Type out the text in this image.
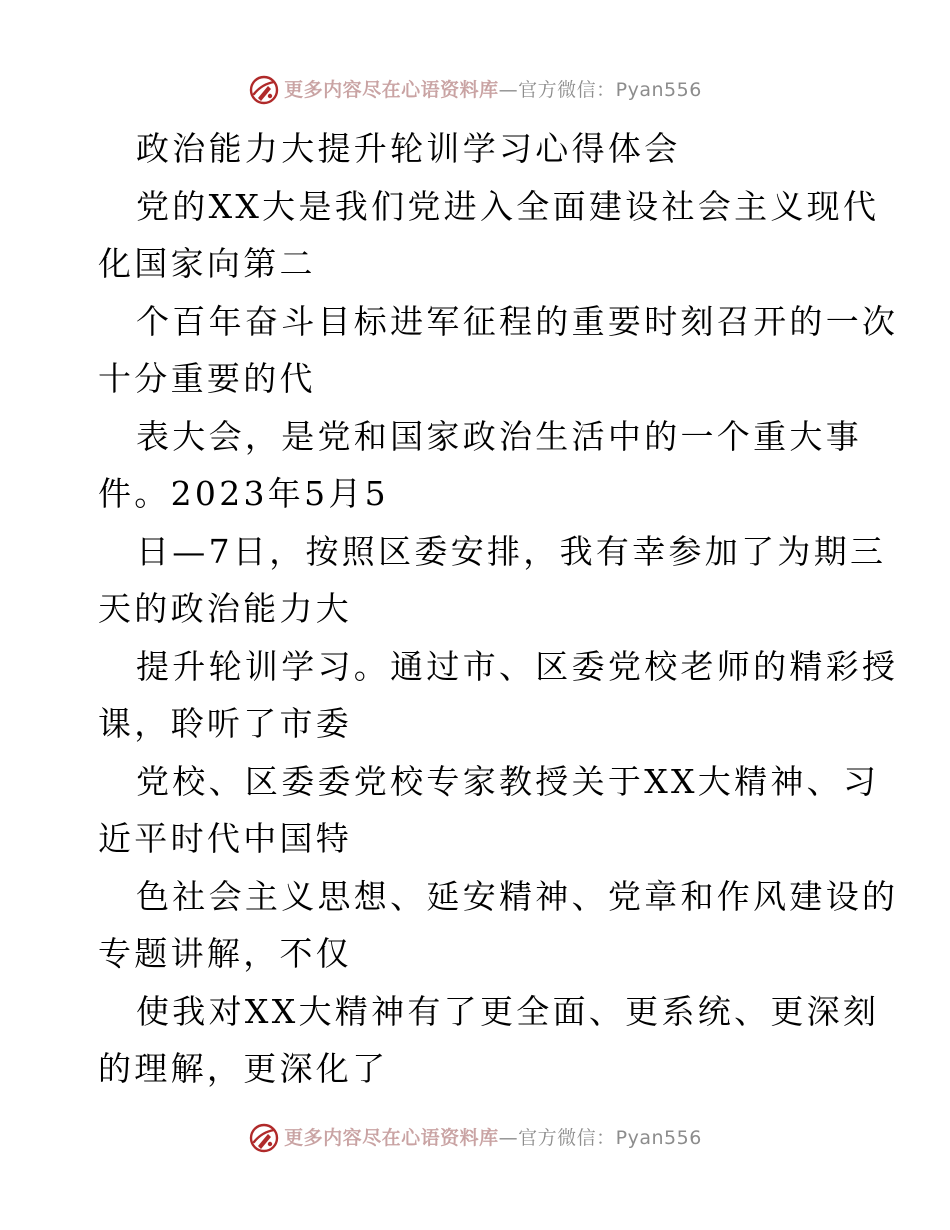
更多内容尽在心语资料库—官方微信：Pyan556
政治能力大提升轮训学习心得体会
党的XX大是我们党进入全面建设社会主义现代
化国家向第二
个百年奋斗目标进军征程的重要时刻召开的一次
十分重要的代
表大会，是党和国家政治生活中的一个重大事
件。2023年5月5
日—7日，按照区委安排，我有幸参加了为期三
天的政治能力大
提升轮训学习。通过市、区委党校老师的精彩授
课，聆听了市委
党校、区委委党校专家教授关于XX大精神、习
近平时代中国特
色社会主义思想、延安精神、党章和作风建设的
专题讲解，不仅
使我对XX大精神有了更全面、更系统、更深刻
的理解，更深化了
更多内容尽在心语资料库—官方微信：Pyan556
